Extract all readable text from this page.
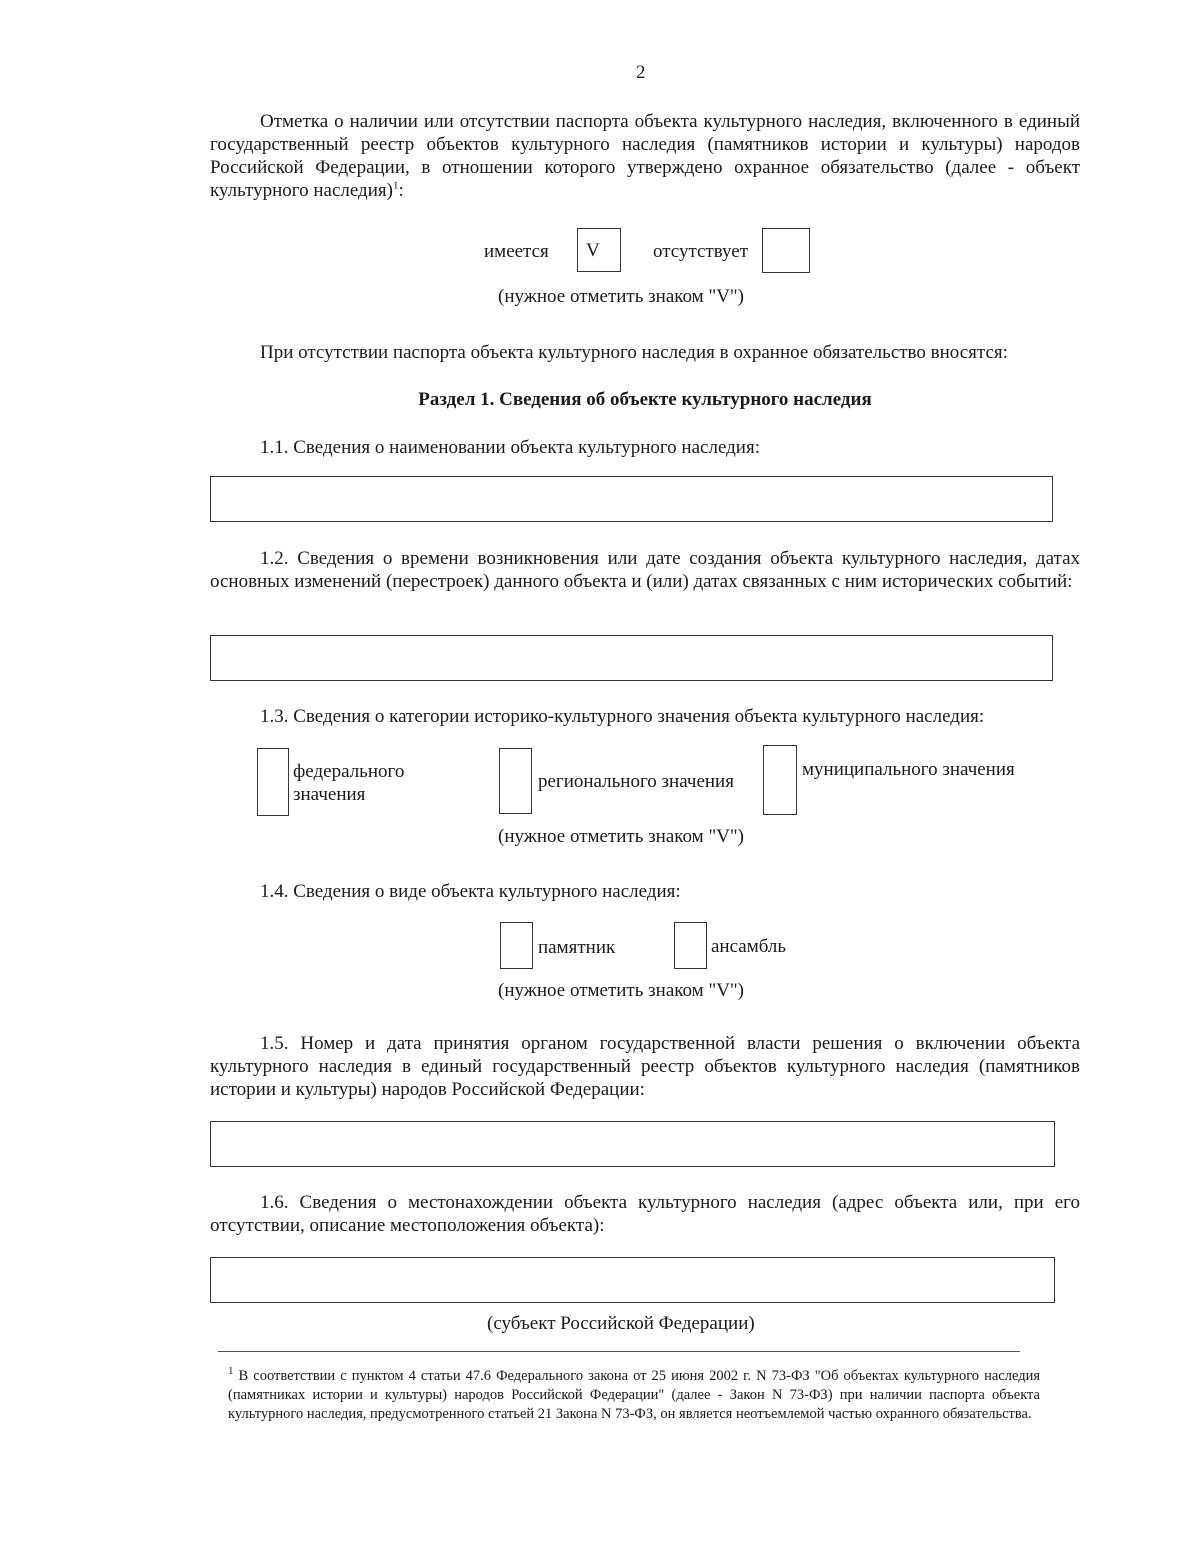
2

Отметка о наличии или отсутствии паспорта объекта культурного наследия, включенного в единый государственный реестр объектов культурного наследия (памятников истории и культуры) народов Российской Федерации, в отношении которого утверждено охранное обязательство (далее - объект культурного наследия)$^1$:

имеется V	отсутствует
(нужное отметить знаком "V")

При отсутствии паспорта объекта культурного наследия в охранное обязательство вносятся:

Раздел 1. Сведения об объекте культурного наследия

1.1. Сведения о наименовании объекта культурного наследия:

1.2. Сведения о времени возникновения или дате создания объекта культурного наследия, датах основных изменений (перестроек) данного объекта и (или) датах связанных с ним исторических событий:

1.3. Сведения о категории историко-культурного значения объекта культурного наследия:

федерального значения
регионального значения
муниципального значения
(нужное отметить знаком "V")

1.4. Сведения о виде объекта культурного наследия:

памятник	ансамбль
(нужное отметить знаком "V")

1.5. Номер и дата принятия органом государственной власти решения о включении объекта культурного наследия в единый государственный реестр объектов культурного наследия (памятников истории и культуры) народов Российской Федерации:

1.6. Сведения о местонахождении объекта культурного наследия (адрес объекта или, при его отсутствии, описание местоположения объекта):

(субъект Российской Федерации)
$^1$ В соответствии с пунктом 4 статьи 47.6 Федерального закона от 25 июня 2002 г. N 73-ФЗ "Об объектах культурного наследия (памятниках истории и культуры) народов Российской Федерации" (далее - Закон N 73-ФЗ) при наличии паспорта объекта культурного наследия, предусмотренного статьей 21 Закона N 73-ФЗ, он является неотъемлемой частью охранного обязательства.
